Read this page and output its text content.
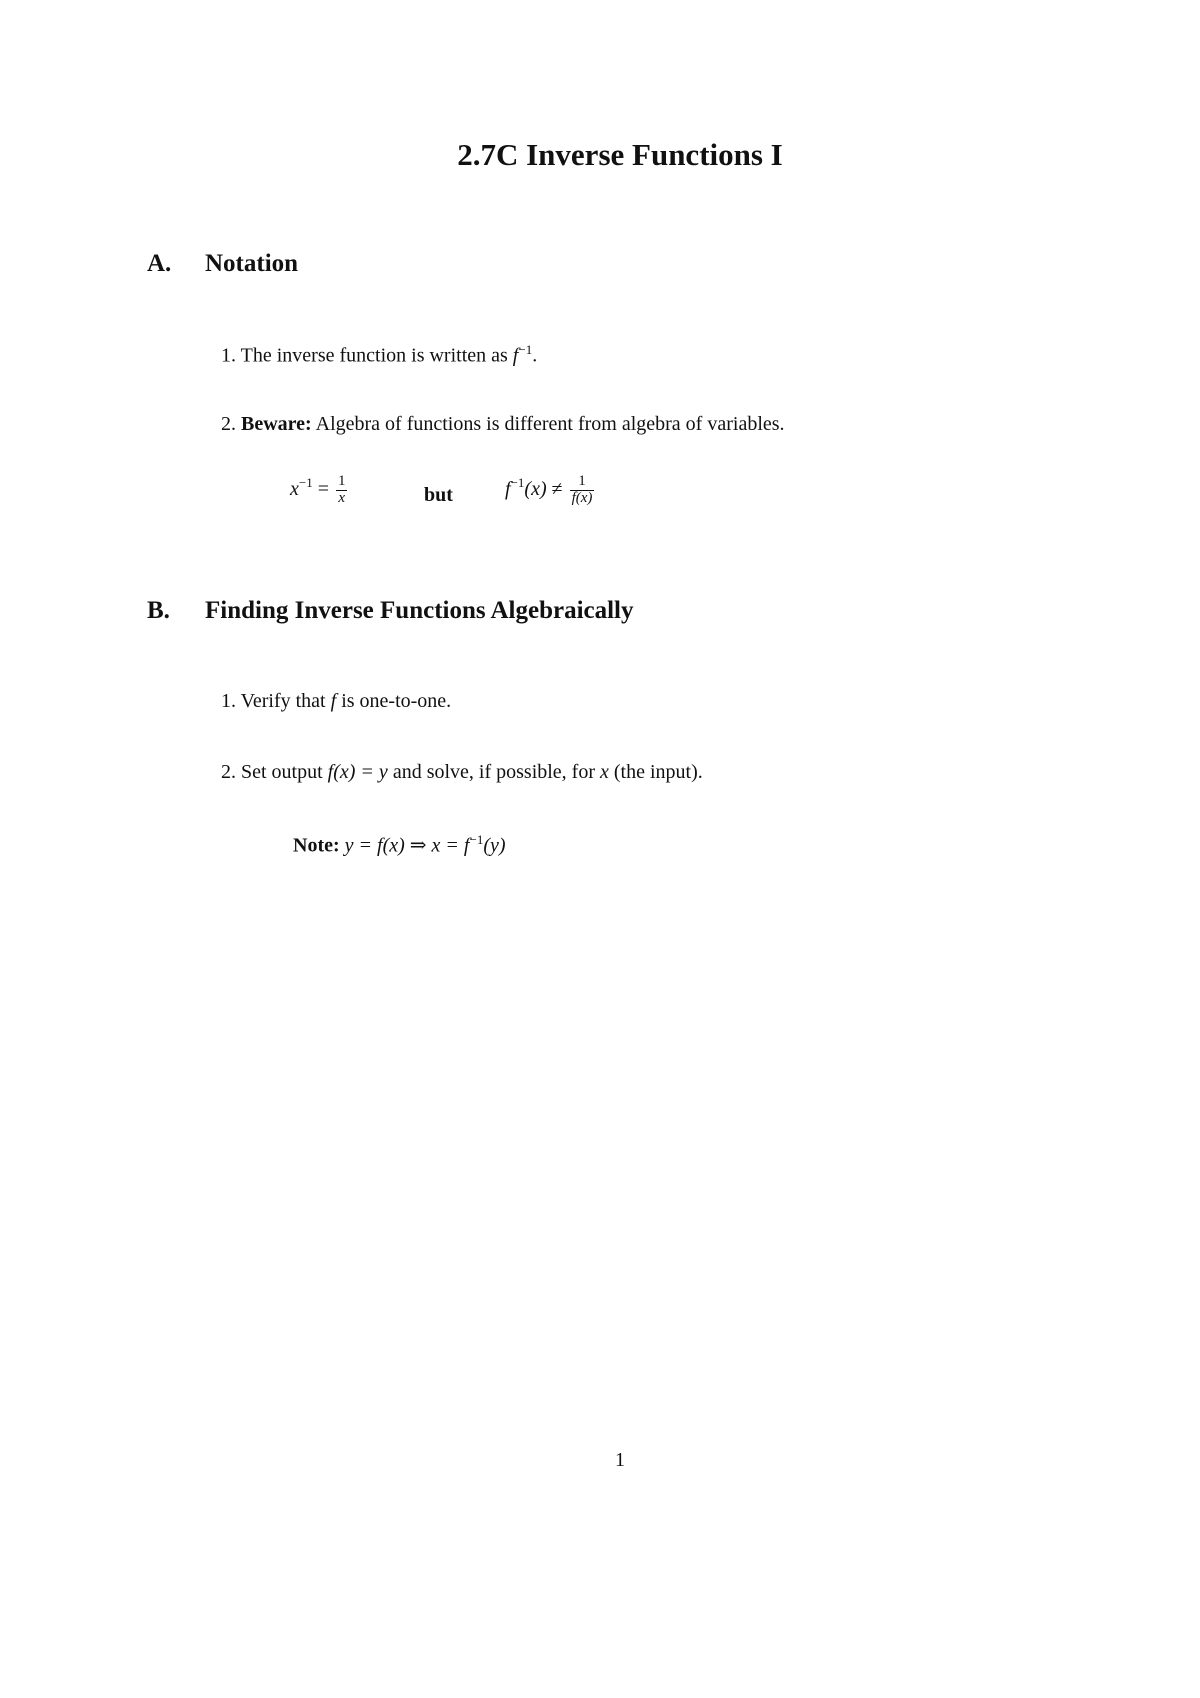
2.7C Inverse Functions I
A. Notation

1. The inverse function is written as $f^{-1}$.

2. Beware: Algebra of functions is different from algebra of variables.

$x^{-1} = \frac{1}{x}$	but	$f^{-1}(x) \ne \frac{1}{f(x)}$
B. Finding Inverse Functions Algebraically

1. Verify that f is one-to-one.

2. Set output f(x) = y and solve, if possible, for x (the input).

Note: y = f(x) ⇒ $x = f^{-1}(y)$
1
